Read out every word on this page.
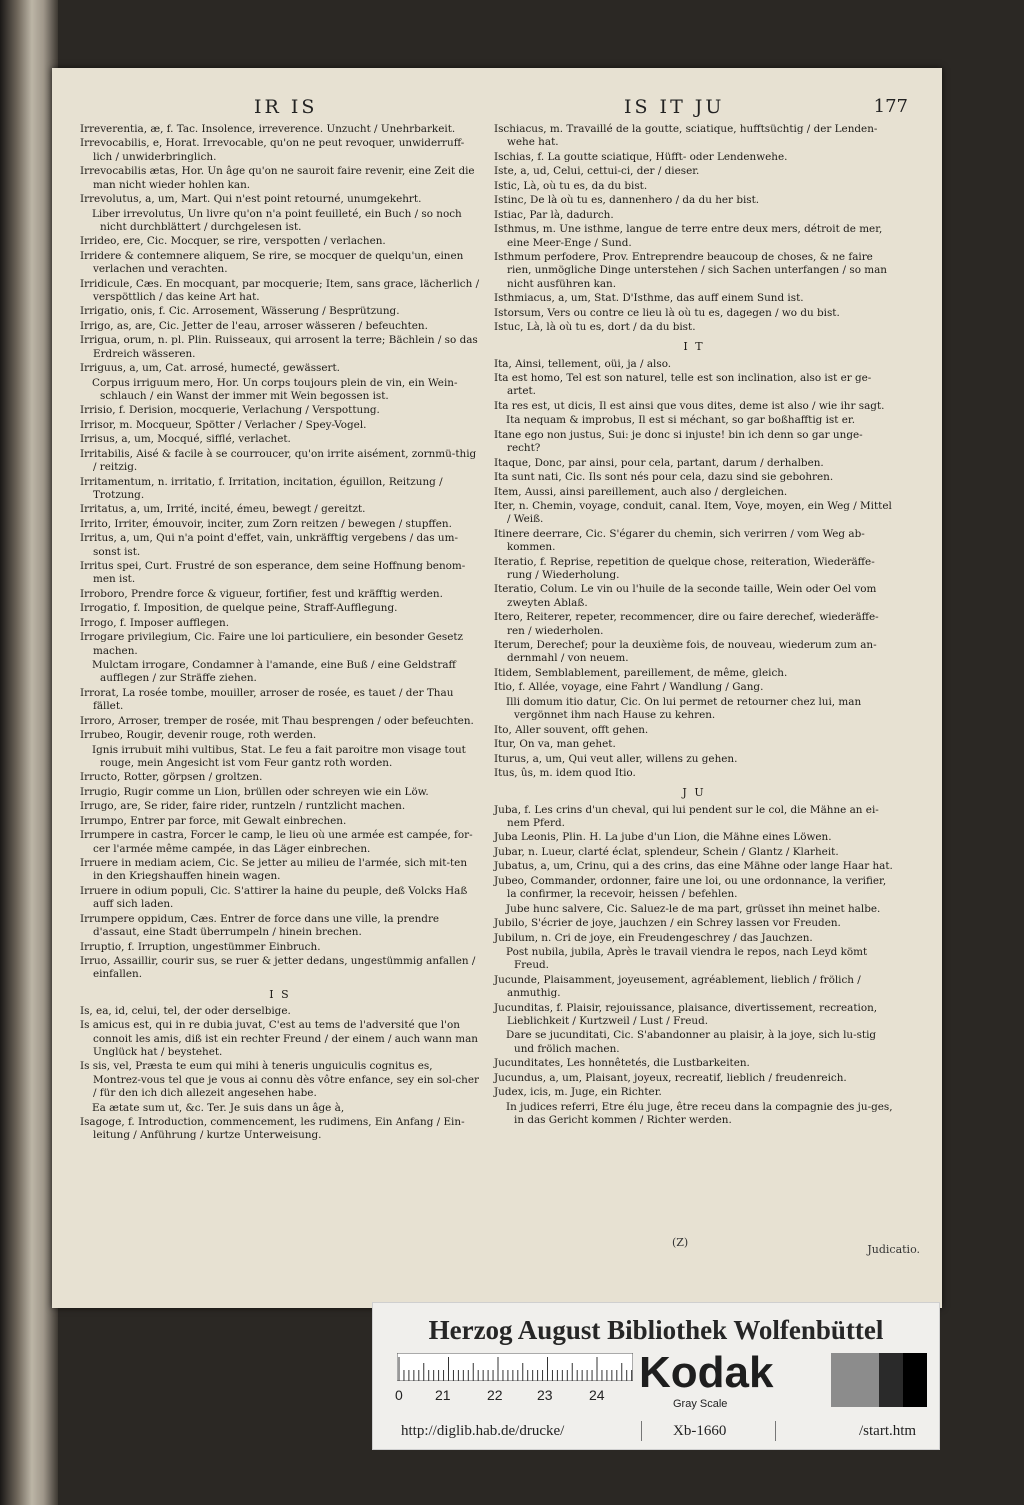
IR IS	IS IT JU	177
Irreverentia, æ, f. Tac. Insolence, irreverence. Unzucht / Unehrbarkeit.
Irrevocabilis, e, Horat. Irrevocable, qu'on ne peut revoquer, unwiderruff-lich / unwiderbringlich.
Irrevocabilis ætas, Hor. Un âge qu'on ne sauroit faire revenir, eine Zeit die man nicht wieder hohlen kan.
Irrevolutus, a, um, Mart. Qui n'est point retourné, unumgekehrt.
Liber irrevolutus, Un livre qu'on n'a point feuilleté, ein Buch / so noch nicht durchblättert / durchgelesen ist.
Irrideo, ere, Cic. Mocquer, se rire, verspotten / verlachen.
Irridere & contemnere aliquem, Se rire, se mocquer de quelqu'un, einen verlachen und verachten.
Irridicule, Cæs. En mocquant, par mocquerie; Item, sans grace, lächerlich / verspöttlich / das keine Art hat.
Irrigatio, onis, f. Cic. Arrosement, Wässerung / Besprützung.
Irrigo, as, are, Cic. Jetter de l'eau, arroser wässeren / befeuchten.
Irrigua, orum, n. pl. Plin. Ruisseaux, qui arrosent la terre; Bächlein / so das Erdreich wässeren.
Irriguus, a, um, Cat. arrosé, humecté, gewässert.
Corpus irriguum mero, Hor. Un corps toujours plein de vin, ein Wein-schlauch / ein Wanst der immer mit Wein begossen ist.
Irrisio, f. Derision, mocquerie, Verlachung / Verspottung.
Irrisor, m. Mocqueur, Spötter / Verlacher / Spey-Vogel.
Irrisus, a, um, Mocqué, sifflé, verlachet.
Irritabilis, Aisé & facile à se courroucer, qu'on irrite aisément, zornmü-thig / reitzig.
Irritamentum, n. irritatio, f. Irritation, incitation, éguillon, Reitzung / Trotzung.
Irritatus, a, um, Irrité, incité, émeu, bewegt / gereitzt.
Irrito, Irriter, émouvoir, inciter, zum Zorn reitzen / bewegen / stupffen.
Irritus, a, um, Qui n'a point d'effet, vain, unkräfftig vergebens / das um-sonst ist.
Irritus spei, Curt. Frustré de son esperance, dem seine Hoffnung benom-men ist.
Irroboro, Prendre force & vigueur, fortifier, fest und kräfftig werden.
Irrogatio, f. Imposition, de quelque peine, Straff-Aufflegung.
Irrogo, f. Imposer aufflegen.
Irrogare privilegium, Cic. Faire une loi particuliere, ein besonder Gesetz machen.
Mulctam irrogare, Condamner à l'amande, eine Buß / eine Geldstraff aufflegen / zur Sträffe ziehen.
Irrorat, La rosée tombe, mouiller, arroser de rosée, es tauet / der Thau fället.
Irroro, Arroser, tremper de rosée, mit Thau besprengen / oder befeuchten.
Irrubeo, Rougir, devenir rouge, roth werden.
Ignis irrubuit mihi vultibus, Stat. Le feu a fait paroitre mon visage tout rouge, mein Angesicht ist vom Feur gantz roth worden.
Irructo, Rotter, görpsen / groltzen.
Irrugio, Rugir comme un Lion, brüllen oder schreyen wie ein Löw.
Irrugo, are, Se rider, faire rider, runtzeln / runtzlicht machen.
Irrumpo, Entrer par force, mit Gewalt einbrechen.
Irrumpere in castra, Forcer le camp, le lieu où une armée est campée, for-cer l'armée même campée, in das Läger einbrechen.
Irruere in mediam aciem, Cic. Se jetter au milieu de l'armée, sich mit-ten in den Kriegshauffen hinein wagen.
Irruere in odium populi, Cic. S'attirer la haine du peuple, deß Volcks Haß auff sich laden.
Irrumpere oppidum, Cæs. Entrer de force dans une ville, la prendre d'assaut, eine Stadt überrumpeln / hinein brechen.
Irruptio, f. Irruption, ungestümmer Einbruch.
Irruo, Assaillir, courir sus, se ruer & jetter dedans, ungestümmig anfallen / einfallen.
I S
Is, ea, id, celui, tel, der oder derselbige.
Is amicus est, qui in re dubia juvat, C'est au tems de l'adversité que l'on connoit les amis, diß ist ein rechter Freund / der einem / auch wann man Unglück hat / beystehet.
Is sis, vel, Præsta te eum qui mihi à teneris unguiculis cognitus es, Montrez-vous tel que je vous ai connu dès vôtre enfance, sey ein sol-cher / für den ich dich allezeit angesehen habe.
Ea ætate sum ut, &c. Ter. Je suis dans un âge à,
Isagoge, f. Introduction, commencement, les rudimens, Ein Anfang / Ein-leitung / Anführung / kurtze Unterweisung.
Ischiacus, m. Travaillé de la goutte, sciatique, hufftsüchtig / der Lenden-wehe hat.
Ischias, f. La goutte sciatique, Hüfft- oder Lendenwehe.
Iste, a, ud, Celui, cettui-ci, der / dieser.
Istic, Là, où tu es, da du bist.
Istinc, De là où tu es, dannenhero / da du her bist.
Istiac, Par là, dadurch.
Isthmus, m. Une isthme, langue de terre entre deux mers, détroit de mer, eine Meer-Enge / Sund.
Isthmum perfodere, Prov. Entreprendre beaucoup de choses, & ne faire rien, unmögliche Dinge unterstehen / sich Sachen unterfangen / so man nicht ausführen kan.
Isthmiacus, a, um, Stat. D'Isthme, das auff einem Sund ist.
Istorsum, Vers ou contre ce lieu là où tu es, dagegen / wo du bist.
Istuc, Là, là où tu es, dort / da du bist.
I T
Ita, Ainsi, tellement, oüi, ja / also.
Ita est homo, Tel est son naturel, telle est son inclination, also ist er ge-artet.
Ita res est, ut dicis, Il est ainsi que vous dites, deme ist also / wie ihr sagt.
Ita nequam & improbus, Il est si méchant, so gar boßhafftig ist er.
Itane ego non justus, Sui: je donc si injuste! bin ich denn so gar unge-recht?
Itaque, Donc, par ainsi, pour cela, partant, darum / derhalben.
Ita sunt nati, Cic. Ils sont nés pour cela, dazu sind sie gebohren.
Item, Aussi, ainsi pareillement, auch also / dergleichen.
Iter, n. Chemin, voyage, conduit, canal. Item, Voye, moyen, ein Weg / Mittel / Weiß.
Itinere deerrare, Cic. S'égarer du chemin, sich verirren / vom Weg ab-kommen.
Iteratio, f. Reprise, repetition de quelque chose, reiteration, Wiederäffe-rung / Wiederholung.
Iteratio, Colum. Le vin ou l'huile de la seconde taille, Wein oder Oel vom zweyten Ablaß.
Itero, Reiterer, repeter, recommencer, dire ou faire derechef, wiederäffe-ren / wiederholen.
Iterum, Derechef; pour la deuxième fois, de nouveau, wiederum zum an-dernmahl / von neuem.
Itidem, Semblablement, pareillement, de même, gleich.
Itio, f. Allée, voyage, eine Fahrt / Wandlung / Gang.
Illi domum itio datur, Cic. On lui permet de retourner chez lui, man vergönnet ihm nach Hause zu kehren.
Ito, Aller souvent, offt gehen.
Itur, On va, man gehet.
Iturus, a, um, Qui veut aller, willens zu gehen.
Itus, ûs, m. idem quod Itio.
J U
Juba, f. Les crins d'un cheval, qui lui pendent sur le col, die Mähne an ei-nem Pferd.
Juba Leonis, Plin. H. La jube d'un Lion, die Mähne eines Löwen.
Jubar, n. Lueur, clarté éclat, splendeur, Schein / Glantz / Klarheit.
Jubatus, a, um, Crinu, qui a des crins, das eine Mähne oder lange Haar hat.
Jubeo, Commander, ordonner, faire une loi, ou une ordonnance, la verifier, la confirmer, la recevoir, heissen / befehlen.
Jube hunc salvere, Cic. Saluez-le de ma part, grüsset ihn meinet halbe.
Jubilo, S'écrier de joye, jauchzen / ein Schrey lassen vor Freuden.
Jubilum, n. Cri de joye, ein Freudengeschrey / das Jauchzen.
Post nubila, jubila, Après le travail viendra le repos, nach Leyd kömt Freud.
Jucunde, Plaisamment, joyeusement, agréablement, lieblich / frölich / anmuthig.
Jucunditas, f. Plaisir, rejouissance, plaisance, divertissement, recreation, Lieblichkeit / Kurtzweil / Lust / Freud.
Dare se jucunditati, Cic. S'abandonner au plaisir, à la joye, sich lu-stig und frölich machen.
Jucunditates, Les honnêtetés, die Lustbarkeiten.
Jucundus, a, um, Plaisant, joyeux, recreatif, lieblich / freudenreich.
Judex, icis, m. Juge, ein Richter.
In judices referri, Etre élu juge, être receu dans la compagnie des ju-ges, in das Gericht kommen / Richter werden.
(Z)
Judicatio.
Herzog August Bibliothek Wolfenbüttel
0 21	22 23	24 Kodak
Gray Scale
http://diglib.hab.de/drucke/	Xb-1660	/start.htm
